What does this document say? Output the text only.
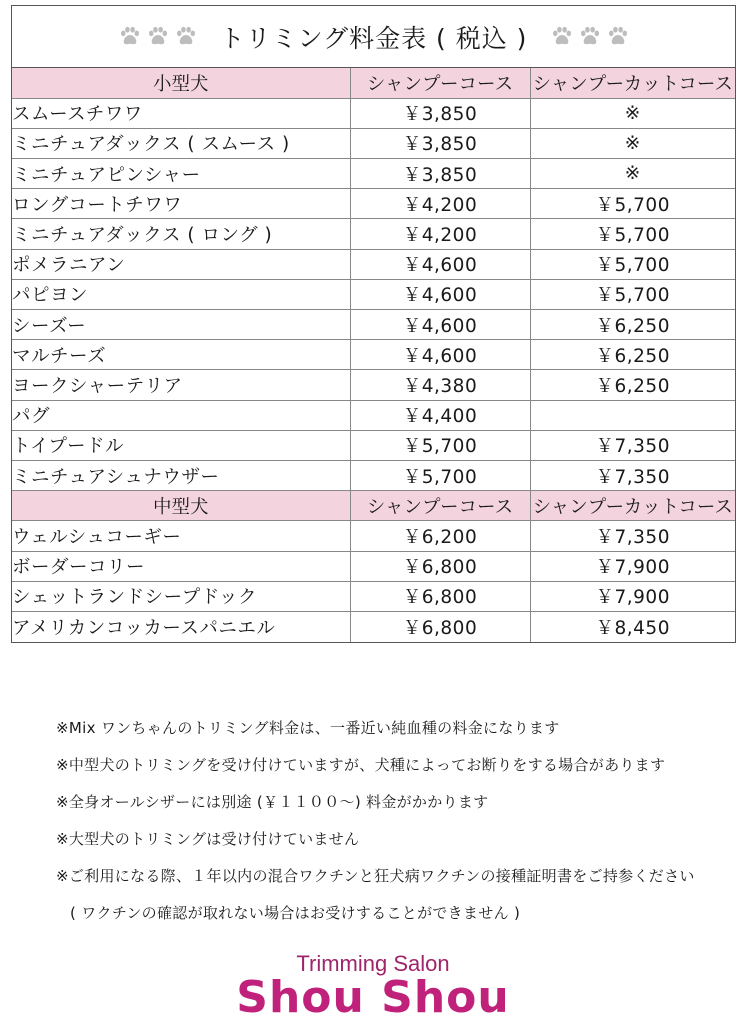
トリミング料金表 ( 税込 )
小型犬	シャンプーコース	シャンプーカットコース
スムースチワワ	￥3,850	※
ミニチュアダックス ( スムース )	￥3,850	※
ミニチュアピンシャー	￥3,850	※
ロングコートチワワ	￥4,200	￥5,700
ミニチュアダックス ( ロング )	￥4,200	￥5,700
ポメラニアン	￥4,600	￥5,700
パピヨン	￥4,600	￥5,700
シーズー	￥4,600	￥6,250
マルチーズ	￥4,600	￥6,250
ヨークシャーテリア	￥4,380	￥6,250
パグ	￥4,400	
トイプードル	￥5,700	￥7,350
ミニチュアシュナウザー	￥5,700	￥7,350
中型犬	シャンプーコース	シャンプーカットコース
ウェルシュコーギー	￥6,200	￥7,350
ボーダーコリー	￥6,800	￥7,900
シェットランドシープドック	￥6,800	￥7,900
アメリカンコッカースパニエル	￥6,800	￥8,450
※Mix ワンちゃんのトリミング料金は、一番近い純血種の料金になります
※中型犬のトリミングを受け付けていますが、犬種によってお断りをする場合があります
※全身オールシザーには別途 (￥１１００〜) 料金がかかります
※大型犬のトリミングは受け付けていません
※ご利用になる際、１年以内の混合ワクチンと狂犬病ワクチンの接種証明書をご持参ください
( ワクチンの確認が取れない場合はお受けすることができません )
Trimming Salon
Shou Shou
